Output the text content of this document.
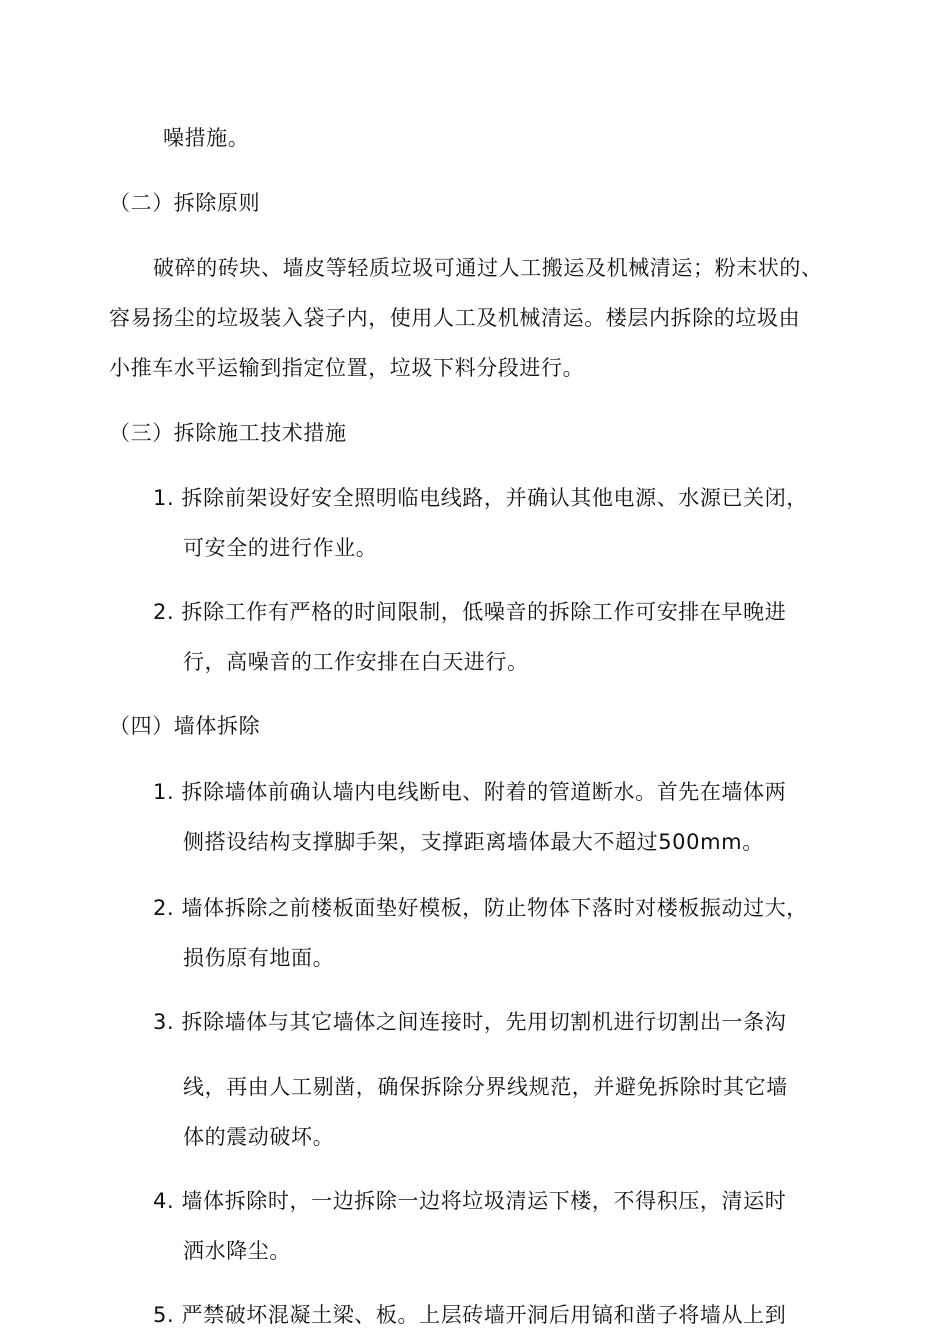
噪措施。

（二）拆除原则

破碎的砖块、墙皮等轻质垃圾可通过人工搬运及机械清运；粉末状的、

容易扬尘的垃圾装入袋子内，使用人工及机械清运。楼层内拆除的垃圾由

小推车水平运输到指定位置，垃圾下料分段进行。

（三）拆除施工技术措施

1. 拆除前架设好安全照明临电线路，并确认其他电源、水源已关闭，

可安全的进行作业。

2. 拆除工作有严格的时间限制，低噪音的拆除工作可安排在早晚进

行，高噪音的工作安排在白天进行。

（四）墙体拆除

1. 拆除墙体前确认墙内电线断电、附着的管道断水。首先在墙体两

侧搭设结构支撑脚手架，支撑距离墙体最大不超过500mm。

2. 墙体拆除之前楼板面垫好模板，防止物体下落时对楼板振动过大，

损伤原有地面。

3. 拆除墙体与其它墙体之间连接时，先用切割机进行切割出一条沟

线，再由人工剔凿，确保拆除分界线规范，并避免拆除时其它墙

体的震动破坏。

4. 墙体拆除时，一边拆除一边将垃圾清运下楼，不得积压，清运时

洒水降尘。

5. 严禁破坏混凝土梁、板。上层砖墙开洞后用镐和凿子将墙从上到
